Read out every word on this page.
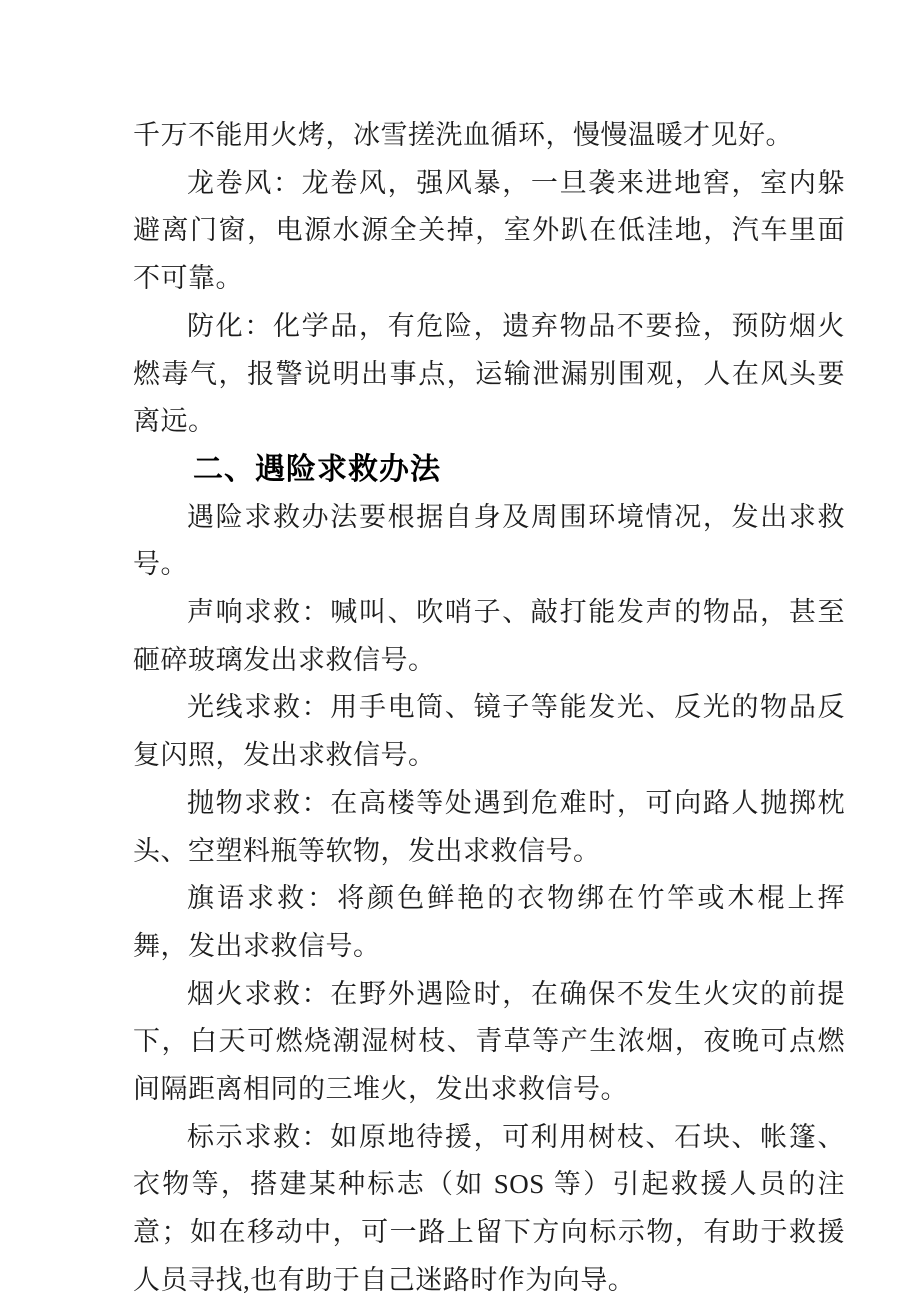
千万不能用火烤，冰雪搓洗血循环，慢慢温暖才见好。

龙卷风：龙卷风，强风暴，一旦袭来进地窖，室内躲避离门窗，电源水源全关掉，室外趴在低洼地，汽车里面不可靠。

防化：化学品，有危险，遗弃物品不要捡，预防烟火燃毒气，报警说明出事点，运输泄漏别围观，人在风头要离远。

二、遇险求救办法

遇险求救办法要根据自身及周围环境情况，发出求救号。

声响求救：喊叫、吹哨子、敲打能发声的物品，甚至砸碎玻璃发出求救信号。

光线求救：用手电筒、镜子等能发光、反光的物品反复闪照，发出求救信号。

抛物求救：在高楼等处遇到危难时，可向路人抛掷枕头、空塑料瓶等软物，发出求救信号。

旗语求救：将颜色鲜艳的衣物绑在竹竿或木棍上挥舞，发出求救信号。

烟火求救：在野外遇险时，在确保不发生火灾的前提下，白天可燃烧潮湿树枝、青草等产生浓烟，夜晚可点燃间隔距离相同的三堆火，发出求救信号。

标示求救：如原地待援，可利用树枝、石块、帐篷、衣物等，搭建某种标志（如 SOS 等）引起救援人员的注意；如在移动中，可一路上留下方向标示物，有助于救援人员寻找,也有助于自己迷路时作为向导。
